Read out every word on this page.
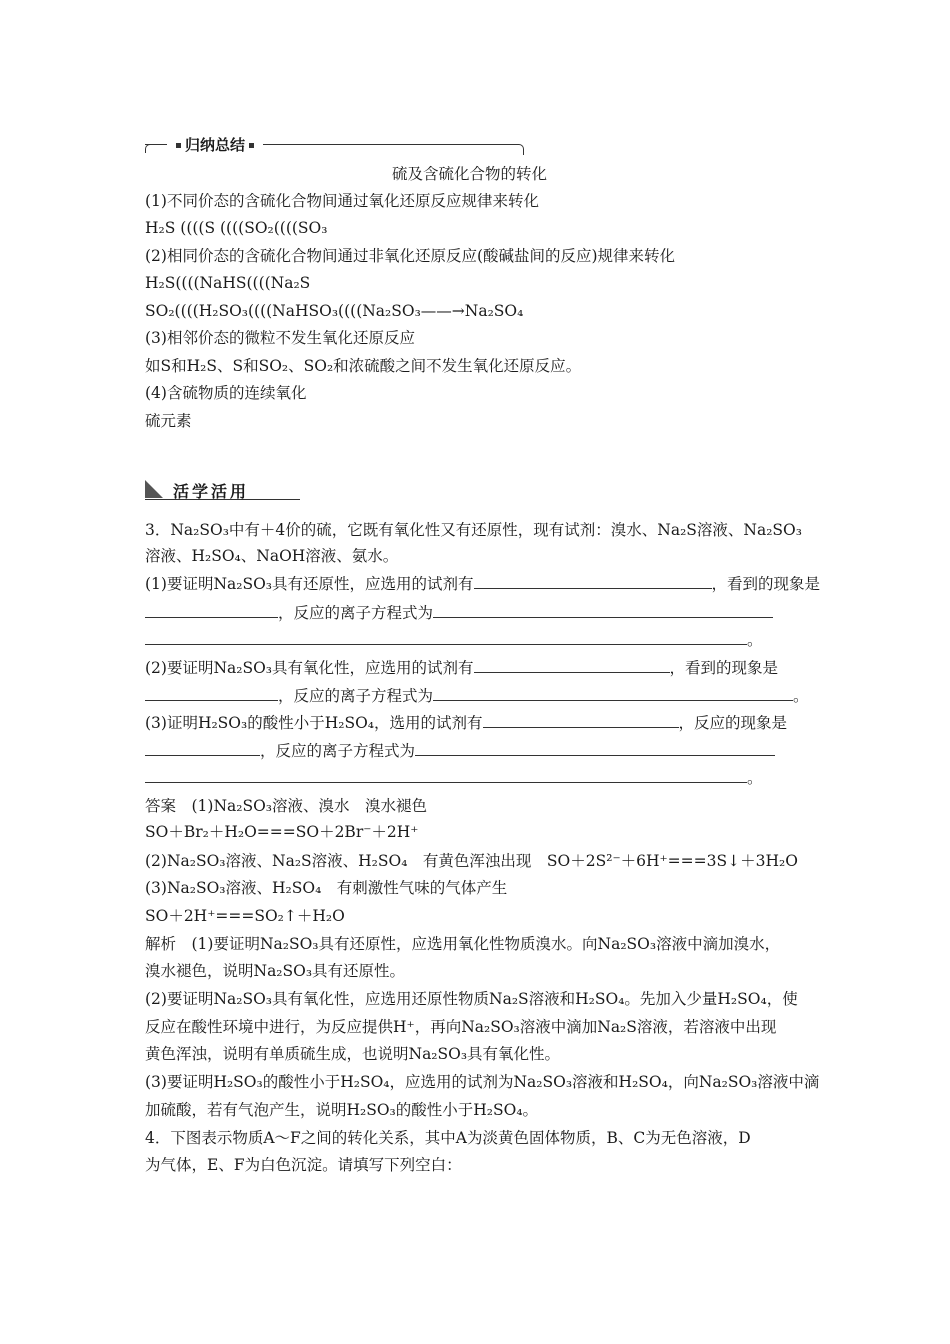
归纳总结
硫及含硫化合物的转化
(1)不同价态的含硫化合物间通过氧化还原反应规律来转化
H₂S ((((S ((((SO₂((((SO₃
(2)相同价态的含硫化合物间通过非氧化还原反应(酸碱盐间的反应)规律来转化
H₂S((((NaHS((((Na₂S
SO₂((((H₂SO₃((((NaHSO₃((((Na₂SO₃——→Na₂SO₄
(3)相邻价态的微粒不发生氧化还原反应
如S和H₂S、S和SO₂、SO₂和浓硫酸之间不发生氧化还原反应。
(4)含硫物质的连续氧化
硫元素
活学活用
3．Na₂SO₃中有＋4价的硫，它既有氧化性又有还原性，现有试剂：溴水、Na₂S溶液、Na₂SO₃
溶液、H₂SO₄、NaOH溶液、氨水。
(1)要证明Na₂SO₃具有还原性，应选用的试剂有	，看到的现象是
，反应的离子方程式为
。
(2)要证明Na₂SO₃具有氧化性，应选用的试剂有	，看到的现象是
，反应的离子方程式为	。
(3)证明H₂SO₃的酸性小于H₂SO₄，选用的试剂有	，反应的现象是
，反应的离子方程式为
。
答案　(1)Na₂SO₃溶液、溴水　溴水褪色
SO＋Br₂＋H₂O===SO＋2Br⁻＋2H⁺
(2)Na₂SO₃溶液、Na₂S溶液、H₂SO₄　有黄色浑浊出现　SO＋2S²⁻＋6H⁺===3S↓＋3H₂O
(3)Na₂SO₃溶液、H₂SO₄　有刺激性气味的气体产生
SO＋2H⁺===SO₂↑＋H₂O
解析　(1)要证明Na₂SO₃具有还原性，应选用氧化性物质溴水。向Na₂SO₃溶液中滴加溴水，
溴水褪色，说明Na₂SO₃具有还原性。
(2)要证明Na₂SO₃具有氧化性，应选用还原性物质Na₂S溶液和H₂SO₄。先加入少量H₂SO₄，使
反应在酸性环境中进行，为反应提供H⁺，再向Na₂SO₃溶液中滴加Na₂S溶液，若溶液中出现
黄色浑浊，说明有单质硫生成，也说明Na₂SO₃具有氧化性。
(3)要证明H₂SO₃的酸性小于H₂SO₄，应选用的试剂为Na₂SO₃溶液和H₂SO₄，向Na₂SO₃溶液中滴
加硫酸，若有气泡产生，说明H₂SO₃的酸性小于H₂SO₄。
4．下图表示物质A～F之间的转化关系，其中A为淡黄色固体物质，B、C为无色溶液，D
为气体，E、F为白色沉淀。请填写下列空白：
